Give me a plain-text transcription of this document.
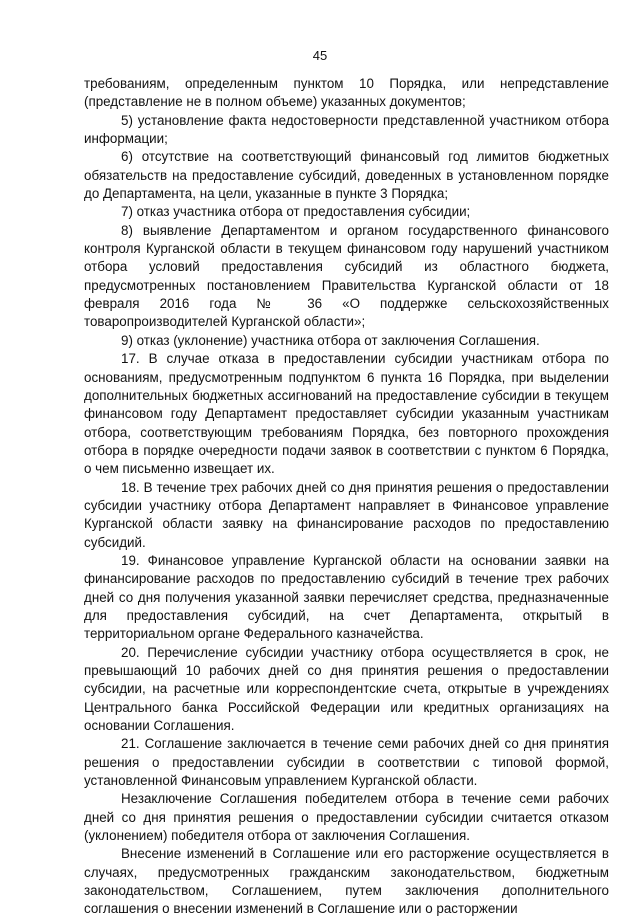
45

требованиям, определенным пунктом 10 Порядка, или непредставление (представление не в полном объеме) указанных документов;

5) установление факта недостоверности представленной участником отбора информации;

6) отсутствие на соответствующий финансовый год лимитов бюджетных обязательств на предоставление субсидий, доведенных в установленном порядке до Департамента, на цели, указанные в пункте 3 Порядка;

7) отказ участника отбора от предоставления субсидии;

8) выявление Департаментом и органом государственного финансового контроля Курганской области в текущем финансовом году нарушений участником отбора условий предоставления субсидий из областного бюджета, предусмотренных постановлением Правительства Курганской области от 18 февраля 2016 года № 36 «О поддержке сельскохозяйственных товаропроизводителей Курганской области»;

9) отказ (уклонение) участника отбора от заключения Соглашения.

17. В случае отказа в предоставлении субсидии участникам отбора по основаниям, предусмотренным подпунктом 6 пункта 16 Порядка, при выделении дополнительных бюджетных ассигнований на предоставление субсидии в текущем финансовом году Департамент предоставляет субсидии указанным участникам отбора, соответствующим требованиям Порядка, без повторного прохождения отбора в порядке очередности подачи заявок в соответствии с пунктом 6 Порядка, о чем письменно извещает их.

18. В течение трех рабочих дней со дня принятия решения о предоставлении субсидии участнику отбора Департамент направляет в Финансовое управление Курганской области заявку на финансирование расходов по предоставлению субсидий.

19. Финансовое управление Курганской области на основании заявки на финансирование расходов по предоставлению субсидий в течение трех рабочих дней со дня получения указанной заявки перечисляет средства, предназначенные для предоставления субсидий, на счет Департамента, открытый в территориальном органе Федерального казначейства.

20. Перечисление субсидии участнику отбора осуществляется в срок, не превышающий 10 рабочих дней со дня принятия решения о предоставлении субсидии, на расчетные или корреспондентские счета, открытые в учреждениях Центрального банка Российской Федерации или кредитных организациях на основании Соглашения.

21. Соглашение заключается в течение семи рабочих дней со дня принятия решения о предоставлении субсидии в соответствии с типовой формой, установленной Финансовым управлением Курганской области.

Незаключение Соглашения победителем отбора в течение семи рабочих дней со дня принятия решения о предоставлении субсидии считается отказом (уклонением) победителя отбора от заключения Соглашения.

Внесение изменений в Соглашение или его расторжение осуществляется в случаях, предусмотренных гражданским законодательством, бюджетным законодательством, Соглашением, путем заключения дополнительного соглашения о внесении изменений в Соглашение или о расторжении
